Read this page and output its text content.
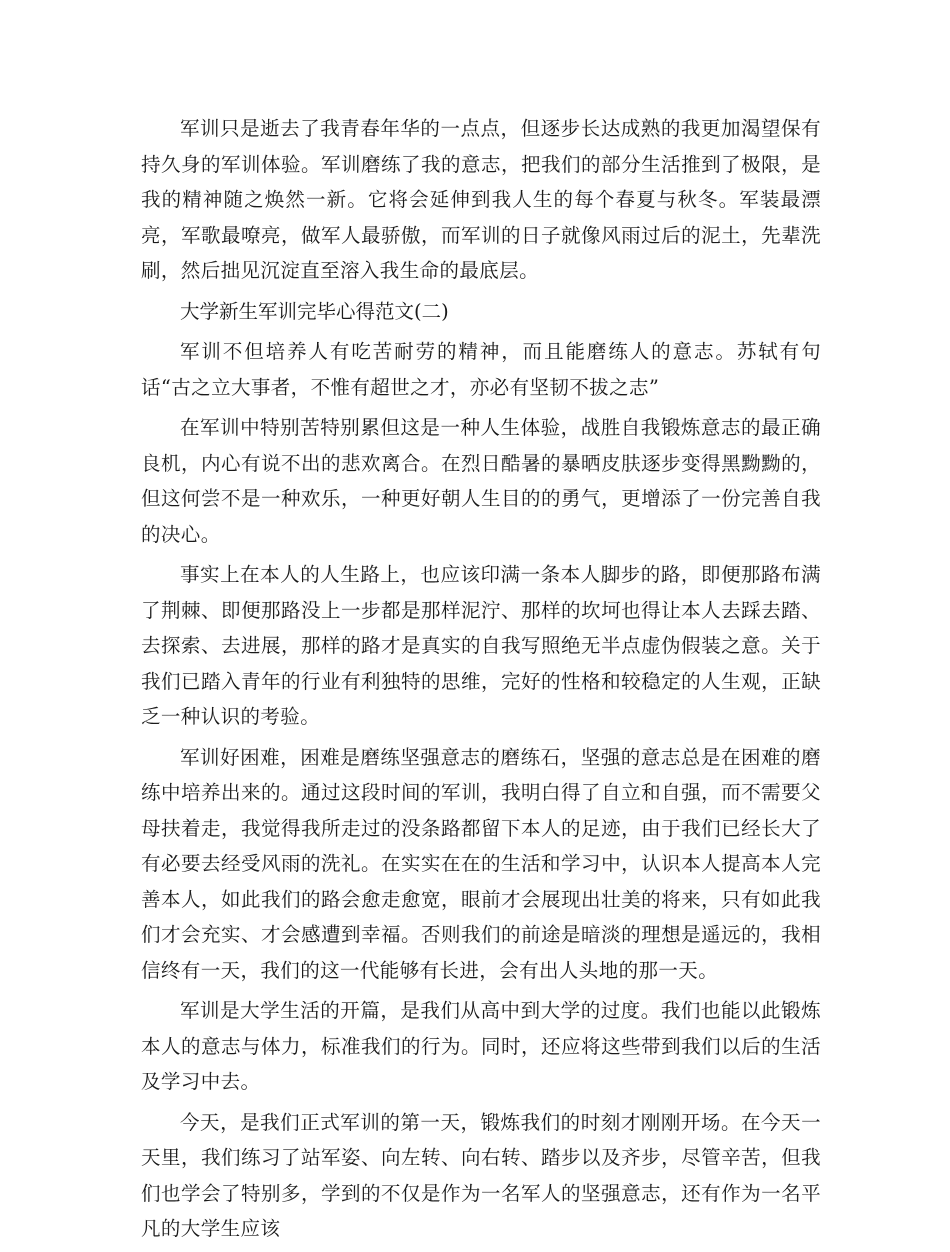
军训只是逝去了我青春年华的一点点，但逐步长达成熟的我更加渴望保有持久身的军训体验。军训磨练了我的意志，把我们的部分生活推到了极限，是我的精神随之焕然一新。它将会延伸到我人生的每个春夏与秋冬。军装最漂亮，军歌最嘹亮，做军人最骄傲，而军训的日子就像风雨过后的泥土，先辈洗刷，然后拙见沉淀直至溶入我生命的最底层。

大学新生军训完毕心得范文(二)

军训不但培养人有吃苦耐劳的精神，而且能磨练人的意志。苏轼有句话“古之立大事者，不惟有超世之才，亦必有坚韧不拔之志”

在军训中特别苦特别累但这是一种人生体验，战胜自我锻炼意志的最正确良机，内心有说不出的悲欢离合。在烈日酷暑的暴晒皮肤逐步变得黑黝黝的，但这何尝不是一种欢乐，一种更好朝人生目的的勇气，更增添了一份完善自我的决心。

事实上在本人的人生路上，也应该印满一条本人脚步的路，即便那路布满了荆棘、即便那路没上一步都是那样泥泞、那样的坎坷也得让本人去踩去踏、去探索、去进展，那样的路才是真实的自我写照绝无半点虚伪假装之意。关于我们已踏入青年的行业有利独特的思维，完好的性格和较稳定的人生观，正缺乏一种认识的考验。

军训好困难，困难是磨练坚强意志的磨练石，坚强的意志总是在困难的磨练中培养出来的。通过这段时间的军训，我明白得了自立和自强，而不需要父母扶着走，我觉得我所走过的没条路都留下本人的足迹，由于我们已经长大了有必要去经受风雨的洗礼。在实实在在的生活和学习中，认识本人提高本人完善本人，如此我们的路会愈走愈宽，眼前才会展现出壮美的将来，只有如此我们才会充实、才会感遭到幸福。否则我们的前途是暗淡的理想是遥远的，我相信终有一天，我们的这一代能够有长进，会有出人头地的那一天。

军训是大学生活的开篇，是我们从高中到大学的过度。我们也能以此锻炼本人的意志与体力，标准我们的行为。同时，还应将这些带到我们以后的生活及学习中去。

今天，是我们正式军训的第一天，锻炼我们的时刻才刚刚开场。在今天一天里，我们练习了站军姿、向左转、向右转、踏步以及齐步，尽管辛苦，但我们也学会了特别多，学到的不仅是作为一名军人的坚强意志，还有作为一名平凡的大学生应该
